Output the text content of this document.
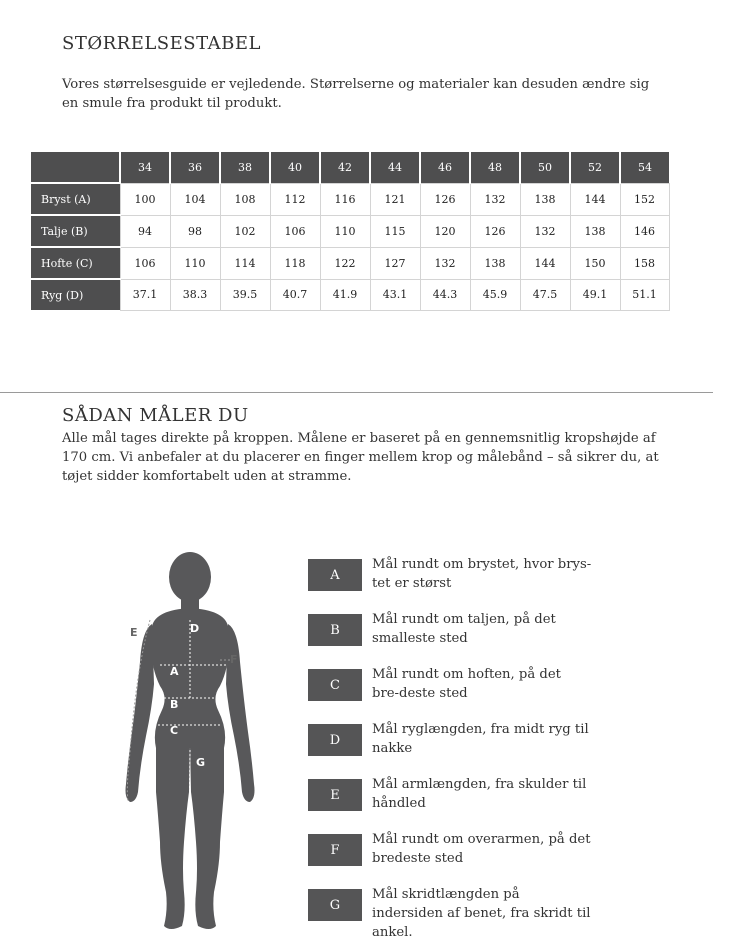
STØRRELSESTABEL
Vores størrelsesguide er vejledende. Størrelserne og materialer kan desuden ændre sig en smule fra produkt til produkt.
	34	36	38	40	42	44	46	48	50	52	54
Bryst (A)	100	104	108	112	116	121	126	132	138	144	152
Talje (B)	94	98	102	106	110	115	120	126	132	138	146
Hofte (C)	106	110	114	118	122	127	132	138	144	150	158
Ryg (D)	37.1	38.3	39.5	40.7	41.9	43.1	44.3	45.9	47.5	49.1	51.1
SÅDAN MÅLER DU
Alle mål tages direkte på kroppen. Målene er baseret på en gennemsnitlig kropshøjde af 170 cm. Vi anbefaler at du placerer en finger mellem krop og målebånd – så sikrer du, at tøjet sidder komfortabelt uden at stramme.
A
B
C
D
E
F
G
A
Mål rundt om brystet, hvor brys-tet er størst
B
Mål rundt om taljen, på det smalleste sted
C
Mål rundt om hoften, på det bre-deste sted
D
Mål ryglængden, fra midt ryg til nakke
E
Mål armlængden, fra skulder til håndled
F
Mål rundt om overarmen, på det bredeste sted
G
Mål skridtlængden på indersiden af benet, fra skridt til ankel.
